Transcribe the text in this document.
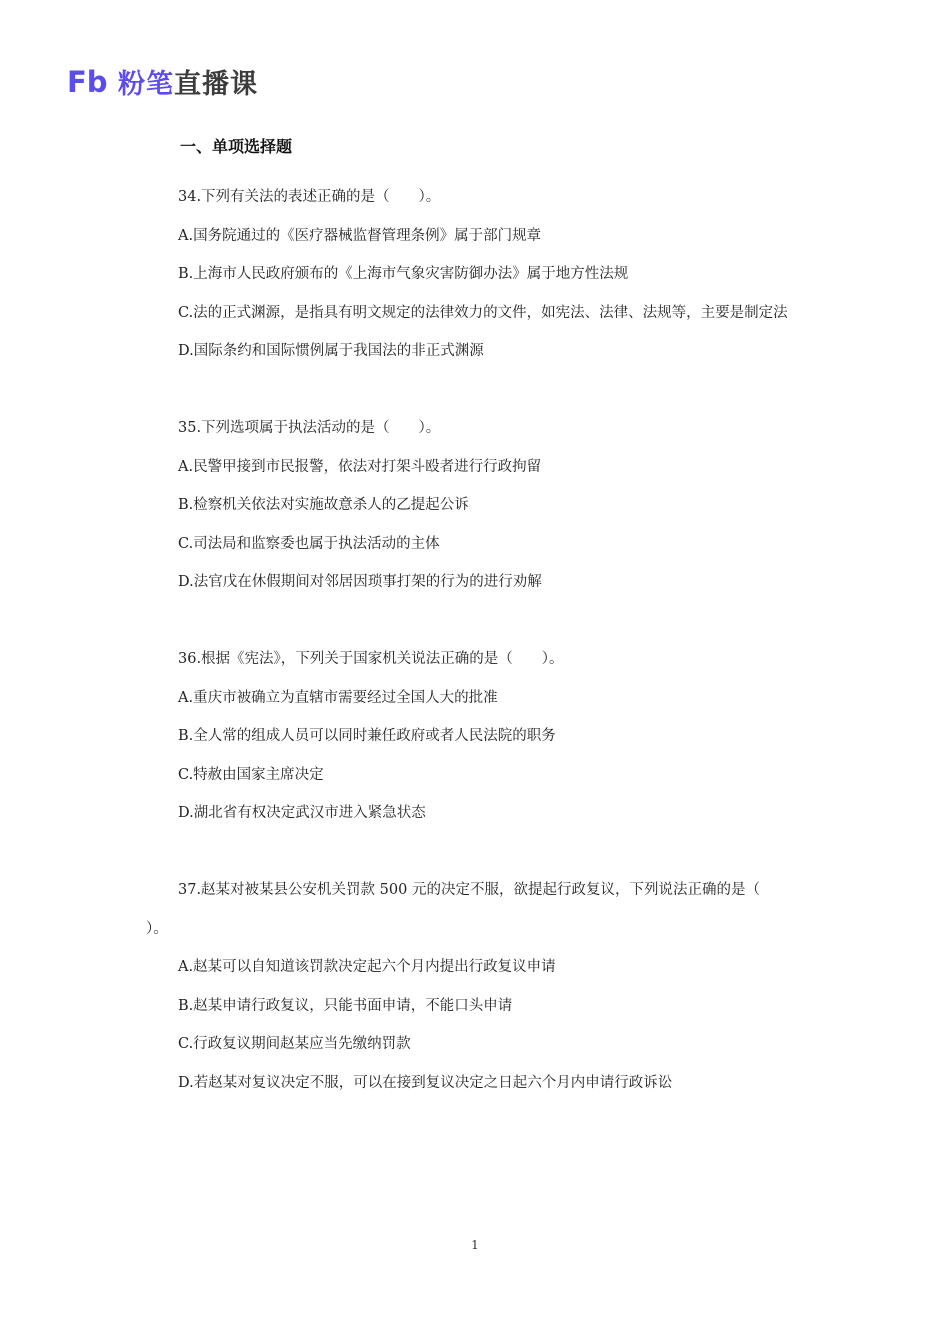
Fb 粉笔直播课
一、单项选择题
34.下列有关法的表述正确的是（　　）。
A.国务院通过的《医疗器械监督管理条例》属于部门规章
B.上海市人民政府颁布的《上海市气象灾害防御办法》属于地方性法规
C.法的正式渊源，是指具有明文规定的法律效力的文件，如宪法、法律、法规等，主要是制定法
D.国际条约和国际惯例属于我国法的非正式渊源
35.下列选项属于执法活动的是（　　）。
A.民警甲接到市民报警，依法对打架斗殴者进行行政拘留
B.检察机关依法对实施故意杀人的乙提起公诉
C.司法局和监察委也属于执法活动的主体
D.法官戊在休假期间对邻居因琐事打架的行为的进行劝解
36.根据《宪法》，下列关于国家机关说法正确的是（　　）。
A.重庆市被确立为直辖市需要经过全国人大的批准
B.全人常的组成人员可以同时兼任政府或者人民法院的职务
C.特赦由国家主席决定
D.湖北省有权决定武汉市进入紧急状态
37.赵某对被某县公安机关罚款 500 元的决定不服，欲提起行政复议，下列说法正确的是（　　）。
A.赵某可以自知道该罚款决定起六个月内提出行政复议申请
B.赵某申请行政复议，只能书面申请，不能口头申请
C.行政复议期间赵某应当先缴纳罚款
D.若赵某对复议决定不服，可以在接到复议决定之日起六个月内申请行政诉讼
1
